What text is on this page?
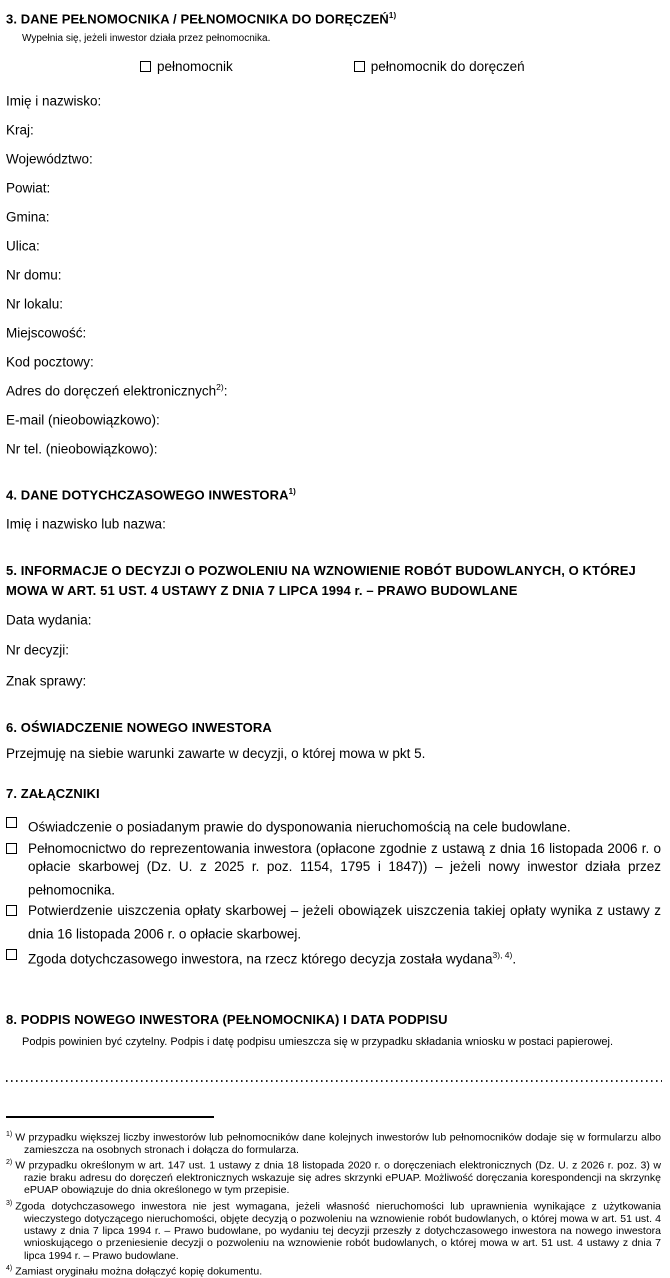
3. DANE PEŁNOMOCNIKA / PEŁNOMOCNIKA DO DORĘCZEŃ$^{1)}$
Wypełnia się, jeżeli inwestor działa przez pełnomocnika.
pełnomocnik	pełnomocnik do doręczeń
Imię i nazwisko:
Kraj:
Województwo:
Powiat:
Gmina:
Ulica:
Nr domu:
Nr lokalu:
Miejscowość:
Kod pocztowy:
Adres do doręczeń elektronicznych$^{2)}$:
E-mail (nieobowiązkowo):
Nr tel. (nieobowiązkowo):
4. DANE DOTYCHCZASOWEGO INWESTORA$^{1)}$
Imię i nazwisko lub nazwa:
5. INFORMACJE O DECYZJI O POZWOLENIU NA WZNOWIENIE ROBÓT BUDOWLANYCH, O KTÓREJ MOWA W ART. 51 UST. 4 USTAWY Z DNIA 7 LIPCA 1994 r. – PRAWO BUDOWLANE
Data wydania:
Nr decyzji:
Znak sprawy:
6. OŚWIADCZENIE NOWEGO INWESTORA
Przejmuję na siebie warunki zawarte w decyzji, o której mowa w pkt 5.
7. ZAŁĄCZNIKI
Oświadczenie o posiadanym prawie do dysponowania nieruchomością na cele budowlane.
Pełnomocnictwo do reprezentowania inwestora (opłacone zgodnie z ustawą z dnia 16 listopada 2006 r. o opłacie skarbowej (Dz. U. z 2025 r. poz. 1154, 1795 i 1847)) – jeżeli nowy inwestor działa przez pełnomocnika.
Potwierdzenie uiszczenia opłaty skarbowej – jeżeli obowiązek uiszczenia takiej opłaty wynika z ustawy z dnia 16 listopada 2006 r. o opłacie skarbowej.
Zgoda dotychczasowego inwestora, na rzecz którego decyzja została wydana$^{3), 4)}$.
8. PODPIS NOWEGO INWESTORA (PEŁNOMOCNIKA) I DATA PODPISU
Podpis powinien być czytelny. Podpis i datę podpisu umieszcza się w przypadku składania wniosku w postaci papierowej.
$^{1)}$ W przypadku większej liczby inwestorów lub pełnomocników dane kolejnych inwestorów lub pełnomocników dodaje się w formularzu albo zamieszcza na osobnych stronach i dołącza do formularza.
$^{2)}$ W przypadku określonym w art. 147 ust. 1 ustawy z dnia 18 listopada 2020 r. o doręczeniach elektronicznych (Dz. U. z 2026 r. poz. 3) w razie braku adresu do doręczeń elektronicznych wskazuje się adres skrzynki ePUAP. Możliwość doręczania korespondencji na skrzynkę ePUAP obowiązuje do dnia określonego w tym przepisie.
$^{3)}$ Zgoda dotychczasowego inwestora nie jest wymagana, jeżeli własność nieruchomości lub uprawnienia wynikające z użytkowania wieczystego dotyczącego nieruchomości, objęte decyzją o pozwoleniu na wznowienie robót budowlanych, o której mowa w art. 51 ust. 4 ustawy z dnia 7 lipca 1994 r. – Prawo budowlane, po wydaniu tej decyzji przeszły z dotychczasowego inwestora na nowego inwestora wnioskującego o przeniesienie decyzji o pozwoleniu na wznowienie robót budowlanych, o której mowa w art. 51 ust. 4 ustawy z dnia 7 lipca 1994 r. – Prawo budowlane.
$^{4)}$ Zamiast oryginału można dołączyć kopię dokumentu.
